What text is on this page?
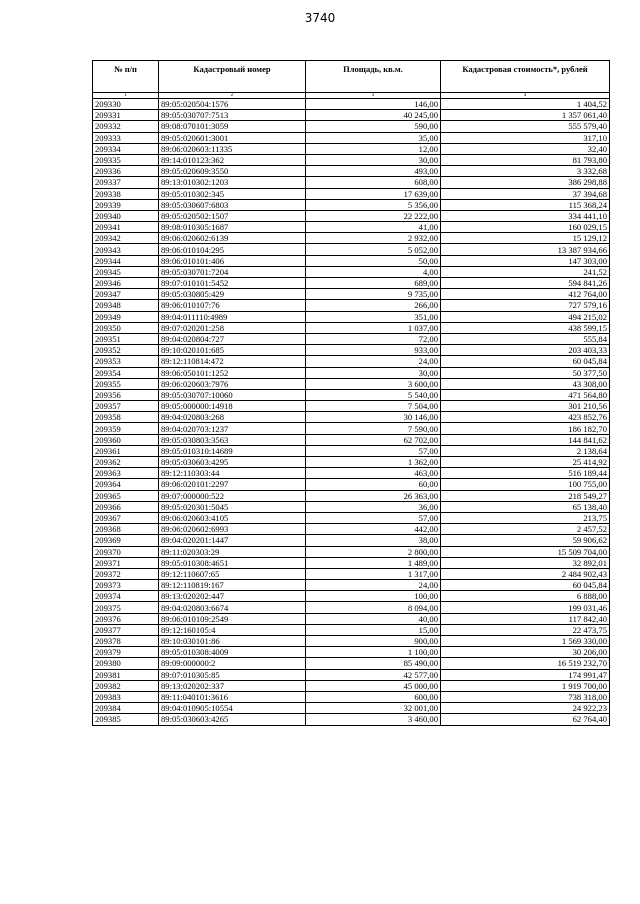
3740
№ п/п	Кадастровый номер	Площадь, кв.м.	Кадастровая стоимость*, рублей
1	2	3	4
209330	89:05:020504:1576	146,00	1 404,52
209331	89:05:030707:7513	40 245,00	1 357 061,40
209332	89:08:070101:3059	590,00	555 579,40
209333	89:05:020601:3001	35,00	317,10
209334	89:06:020603:11335	12,00	32,40
209335	89:14:010123:362	30,00	81 793,80
209336	89:05:020609:3550	493,00	3 332,68
209337	89:13:010302:1203	608,00	386 298,88
209338	89:05:010302:345	17 639,00	37 394,68
209339	89:05:030607:6803	5 356,00	115 368,24
209340	89:05:020502:1507	22 222,00	334 441,10
209341	89:08:010305:1687	41,00	160 029,15
209342	89:06:020602:6139	2 932,00	15 129,12
209343	89:06:010104:295	5 052,00	13 387 934,66
209344	89:06:010101:406	50,00	147 303,00
209345	89:05:030701:7204	4,00	241,52
209346	89:07:010101:5452	689,00	594 841,26
209347	89:05:030805:429	9 735,00	412 764,00
209348	89:06:010107:76	266,00	727 579,16
209349	89:04:011110:4989	351,00	494 215,02
209350	89:07:020201:258	1 037,00	438 599,15
209351	89:04:020804:727	72,00	555,84
209352	89:10:020101:685	933,00	203 403,33
209353	89:12:110814:472	24,00	60 045,84
209354	89:06:050101:1252	30,00	50 377,50
209355	89:06:020603:7976	3 600,00	43 308,00
209356	89:05:030707:10060	5 540,00	471 564,80
209357	89:05:000000:14918	7 504,00	301 210,56
209358	89:04:020803:268	30 146,00	423 852,76
209359	89:04:020703:1237	7 590,00	186 182,70
209360	89:05:030803:3563	62 702,00	144 841,62
209361	89:05:010310:14689	57,00	2 138,64
209362	89:05:030603:4295	1 362,00	25 414,92
209363	89:12:110303:44	463,00	516 189,44
209364	89:06:020101:2297	60,00	100 755,00
209365	89:07:000000:522	26 363,00	218 549,27
209366	89:05:020301:5045	36,00	65 138,40
209367	89:06:020603:4105	57,00	213,75
209368	89:06:020602:6993	442,00	2 457,52
209369	89:04:020201:1447	38,00	59 906,62
209370	89:11:020303:29	2 800,00	15 509 704,00
209371	89:05:010308:4651	1 489,00	32 892,01
209372	89:12:110607:65	1 317,00	2 484 902,43
209373	89:12:110819:167	24,00	60 045,84
209374	89:13:020202:447	100,00	6 888,00
209375	89:04:020803:6674	8 094,00	199 031,46
209376	89:06:010109:2549	40,00	117 842,40
209377	89:12:160105:4	15,00	22 473,75
209378	89:10:030101:86	900,00	1 569 330,00
209379	89:05:010308:4009	1 100,00	30 206,00
209380	89:09:000000:2	85 490,00	16 519 232,70
209381	89:07:010305:85	42 577,00	174 991,47
209382	89:13:020202:337	45 000,00	1 919 700,00
209383	89:11:040101:3616	600,00	738 318,00
209384	89:04:010905:10554	32 001,00	24 922,23
209385	89:05:030603:4265	3 460,00	62 764,40
